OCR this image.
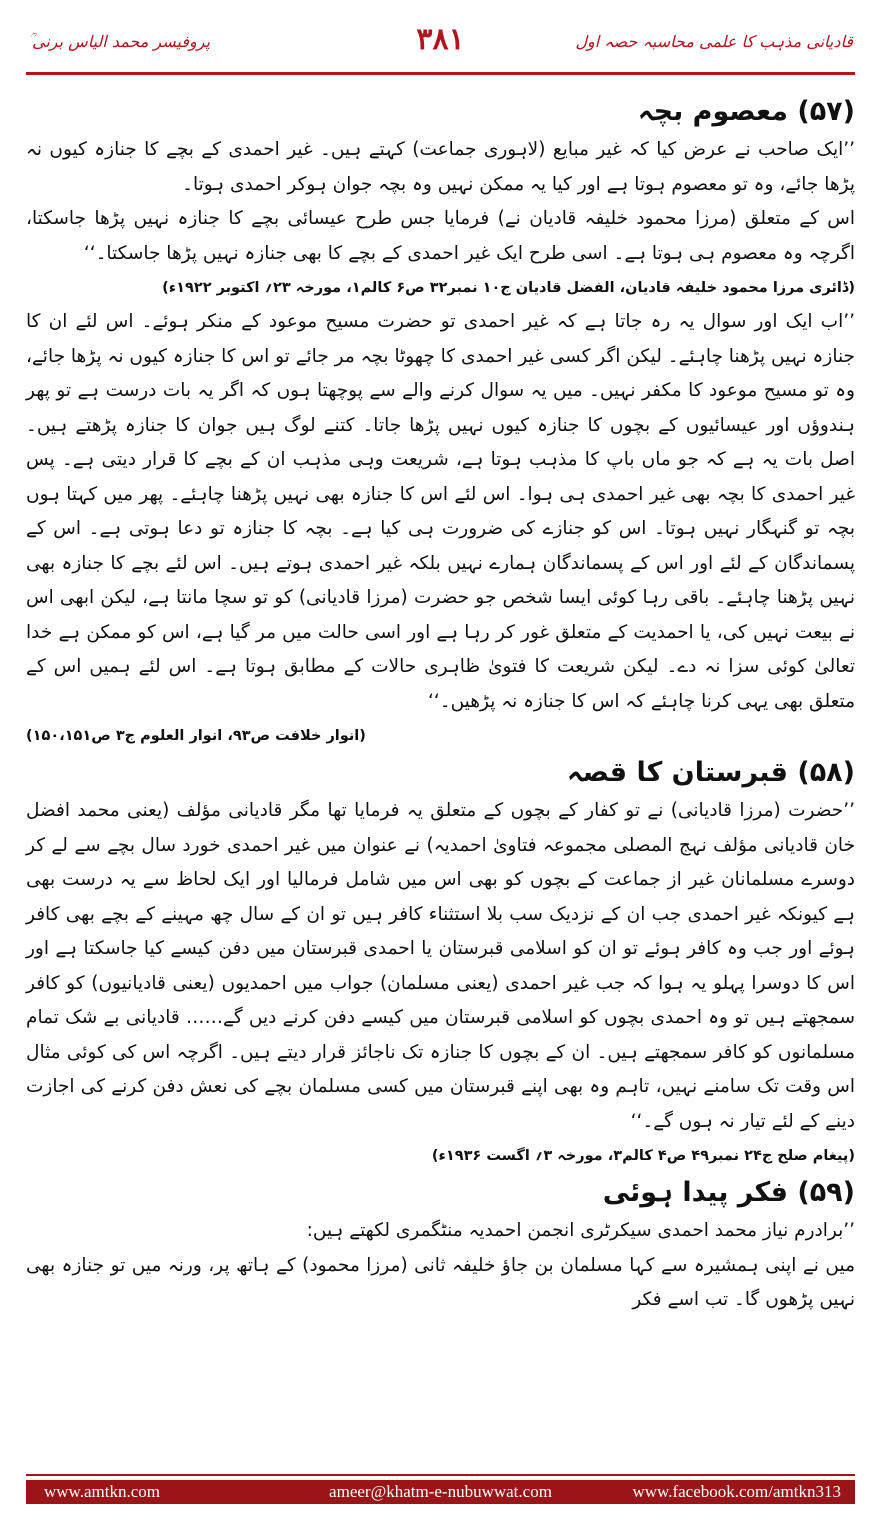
قادیانی مذہب کا علمی محاسبہ حصہ اول
۳۸۱
پروفیسر محمد الیاس برنی ؒ
(۵۷) معصوم بچہ

’’ایک صاحب نے عرض کیا کہ غیر مبایع (لاہوری جماعت) کہتے ہیں۔ غیر احمدی کے بچے کا جنازہ کیوں نہ پڑھا جائے، وہ تو معصوم ہوتا ہے اور کیا یہ ممکن نہیں وہ بچہ جوان ہوکر احمدی ہوتا۔

اس کے متعلق (مرزا محمود خلیفہ قادیان نے) فرمایا جس طرح عیسائی بچے کا جنازہ نہیں پڑھا جاسکتا، اگرچہ وہ معصوم ہی ہوتا ہے۔ اسی طرح ایک غیر احمدی کے بچے کا بھی جنازہ نہیں پڑھا جاسکتا۔‘‘

(ڈائری مرزا محمود خلیفہ قادیان، الفضل قادیان ج۱۰ نمبر۳۲ ص۶ کالم۱، مورخہ ۲۳؍ اکتوبر ۱۹۲۲ء)

’’اب ایک اور سوال یہ رہ جاتا ہے کہ غیر احمدی تو حضرت مسیح موعود کے منکر ہوئے۔ اس لئے ان کا جنازہ نہیں پڑھنا چاہئے۔ لیکن اگر کسی غیر احمدی کا چھوٹا بچہ مر جائے تو اس کا جنازہ کیوں نہ پڑھا جائے، وہ تو مسیح موعود کا مکفر نہیں۔ میں یہ سوال کرنے والے سے پوچھتا ہوں کہ اگر یہ بات درست ہے تو پھر ہندوؤں اور عیسائیوں کے بچوں کا جنازہ کیوں نہیں پڑھا جاتا۔ کتنے لوگ ہیں جوان کا جنازہ پڑھتے ہیں۔ اصل بات یہ ہے کہ جو ماں باپ کا مذہب ہوتا ہے، شریعت وہی مذہب ان کے بچے کا قرار دیتی ہے۔ پس غیر احمدی کا بچہ بھی غیر احمدی ہی ہوا۔ اس لئے اس کا جنازہ بھی نہیں پڑھنا چاہئے۔ پھر میں کہتا ہوں بچہ تو گنہگار نہیں ہوتا۔ اس کو جنازے کی ضرورت ہی کیا ہے۔ بچہ کا جنازہ تو دعا ہوتی ہے۔ اس کے پسماندگان کے لئے اور اس کے پسماندگان ہمارے نہیں بلکہ غیر احمدی ہوتے ہیں۔ اس لئے بچے کا جنازہ بھی نہیں پڑھنا چاہئے۔ باقی رہا کوئی ایسا شخص جو حضرت (مرزا قادیانی) کو تو سچا مانتا ہے، لیکن ابھی اس نے بیعت نہیں کی، یا احمدیت کے متعلق غور کر رہا ہے اور اسی حالت میں مر گیا ہے، اس کو ممکن ہے خدا تعالیٰ کوئی سزا نہ دے۔ لیکن شریعت کا فتویٰ ظاہری حالات کے مطابق ہوتا ہے۔ اس لئے ہمیں اس کے متعلق بھی یہی کرنا چاہئے کہ اس کا جنازہ نہ پڑھیں۔‘‘

(انوار خلافت ص۹۳، انوار العلوم ج۳ ص۱۵۰،۱۵۱)
(۵۸) قبرستان کا قصہ

’’حضرت (مرزا قادیانی) نے تو کفار کے بچوں کے متعلق یہ فرمایا تھا مگر قادیانی مؤلف (یعنی محمد افضل خان قادیانی مؤلف نہج المصلی مجموعہ فتاویٰ احمدیہ) نے عنوان میں غیر احمدی خورد سال بچے سے لے کر دوسرے مسلمانان غیر از جماعت کے بچوں کو بھی اس میں شامل فرمالیا اور ایک لحاظ سے یہ درست بھی ہے کیونکہ غیر احمدی جب ان کے نزدیک سب بلا استثناء کافر ہیں تو ان کے سال چھ مہینے کے بچے بھی کافر ہوئے اور جب وہ کافر ہوئے تو ان کو اسلامی قبرستان یا احمدی قبرستان میں دفن کیسے کیا جاسکتا ہے اور اس کا دوسرا پہلو یہ ہوا کہ جب غیر احمدی (یعنی مسلمان) جواب میں احمدیوں (یعنی قادیانیوں) کو کافر سمجھتے ہیں تو وہ احمدی بچوں کو اسلامی قبرستان میں کیسے دفن کرنے دیں گے…… قادیانی بے شک تمام مسلمانوں کو کافر سمجھتے ہیں۔ ان کے بچوں کا جنازہ تک ناجائز قرار دیتے ہیں۔ اگرچہ اس کی کوئی مثال اس وقت تک سامنے نہیں، تاہم وہ بھی اپنے قبرستان میں کسی مسلمان بچے کی نعش دفن کرنے کی اجازت دینے کے لئے تیار نہ ہوں گے۔‘‘

(پیغام صلح ج۲۴ نمبر۴۹ ص۴ کالم۳، مورخہ ۳؍ اگست ۱۹۳۶ء)
(۵۹) فکر پیدا ہوئی

’’برادرم نیاز محمد احمدی سیکرٹری انجمن احمدیہ منٹگمری لکھتے ہیں:

میں نے اپنی ہمشیرہ سے کہا مسلمان بن جاؤ خلیفہ ثانی (مرزا محمود) کے ہاتھ پر، ورنہ میں تو جنازہ بھی نہیں پڑھوں گا۔ تب اسے فکر

www.amtkn.com	ameer@khatm-e-nubuwwat.com	www.facebook.com/amtkn313
